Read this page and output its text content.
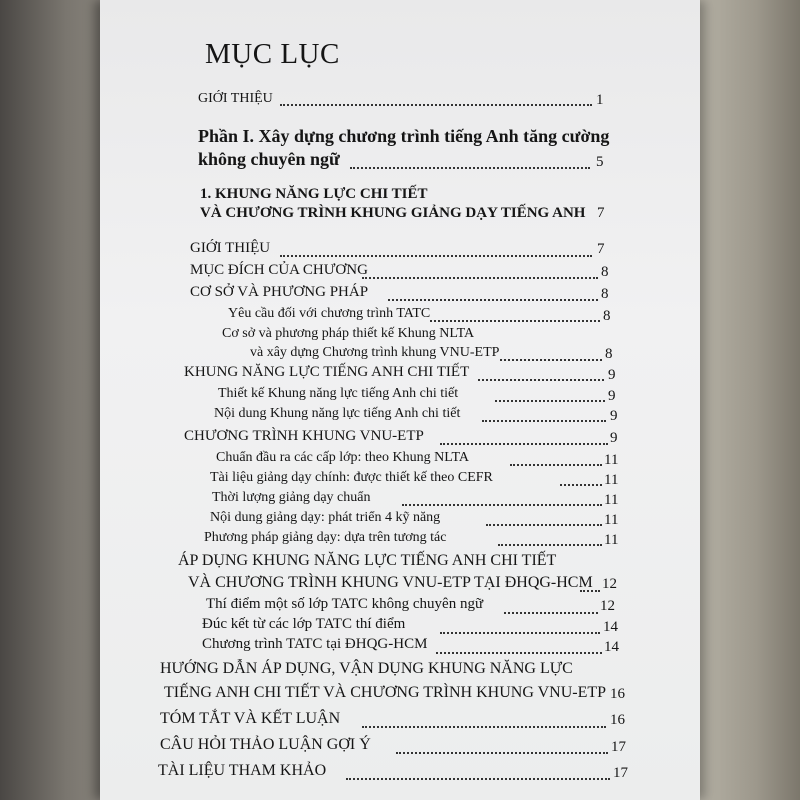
MỤC LỤC
GIỚI THIỆU	1
Phần I. Xây dựng chương trình tiếng Anh tăng cường
không chuyên ngữ	5
1. KHUNG NĂNG LỰC CHI TIẾT
VÀ CHƯƠNG TRÌNH KHUNG GIẢNG DẠY TIẾNG ANH 7
GIỚI THIỆU	7
MỤC ĐÍCH CỦA CHƯƠNG	8
CƠ SỞ VÀ PHƯƠNG PHÁP	8
Yêu cầu đối với chương trình TATC	8
Cơ sở và phương pháp thiết kế Khung NLTA
và xây dựng Chương trình khung VNU-ETP	8
KHUNG NĂNG LỰC TIẾNG ANH CHI TIẾT	9
Thiết kế Khung năng lực tiếng Anh chi tiết	9
Nội dung Khung năng lực tiếng Anh chi tiết	9
CHƯƠNG TRÌNH KHUNG VNU-ETP	9
Chuẩn đầu ra các cấp lớp: theo Khung NLTA	11
Tài liệu giảng dạy chính: được thiết kế theo CEFR	11
Thời lượng giảng dạy chuẩn	11
Nội dung giảng dạy: phát triển 4 kỹ năng	11
Phương pháp giảng dạy: dựa trên tương tác	11
ÁP DỤNG KHUNG NĂNG LỰC TIẾNG ANH CHI TIẾT
VÀ CHƯƠNG TRÌNH KHUNG VNU-ETP TẠI ĐHQG-HCM 12
Thí điểm một số lớp TATC không chuyên ngữ	12
Đúc kết từ các lớp TATC thí điểm	14
Chương trình TATC tại ĐHQG-HCM	14
HƯỚNG DẪN ÁP DỤNG, VẬN DỤNG KHUNG NĂNG LỰC
TIẾNG ANH CHI TIẾT VÀ CHƯƠNG TRÌNH KHUNG VNU-ETP 16
TÓM TẮT VÀ KẾT LUẬN	16
CÂU HỎI THẢO LUẬN GỢI Ý	17
TÀI LIỆU THAM KHẢO	17
